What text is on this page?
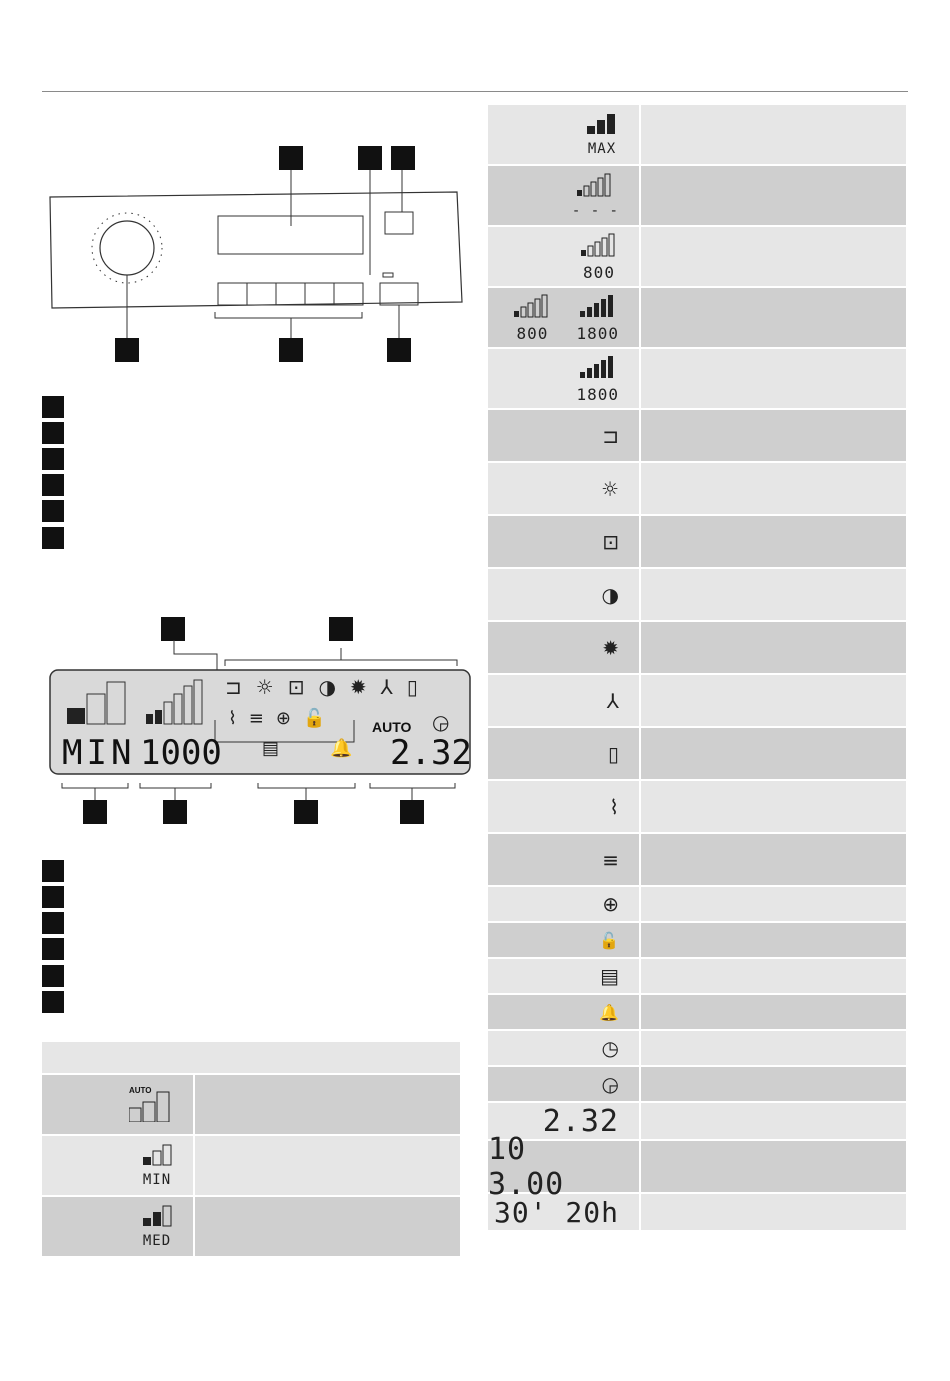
MIN 1000
AUTO
2.32
⊐☼⊡◑✹⅄▯
⌇≡⊕🔓
▤	🔔
◶
AUTO
MIN
MED
MAX
- - -
800
800 1800
1800
⊐
☼
⊡
◑
✹
⅄
▯
⌇
≡
⊕
🔓
▤
🔔
◷
◶
2.32
10 3.00
30' 20h
